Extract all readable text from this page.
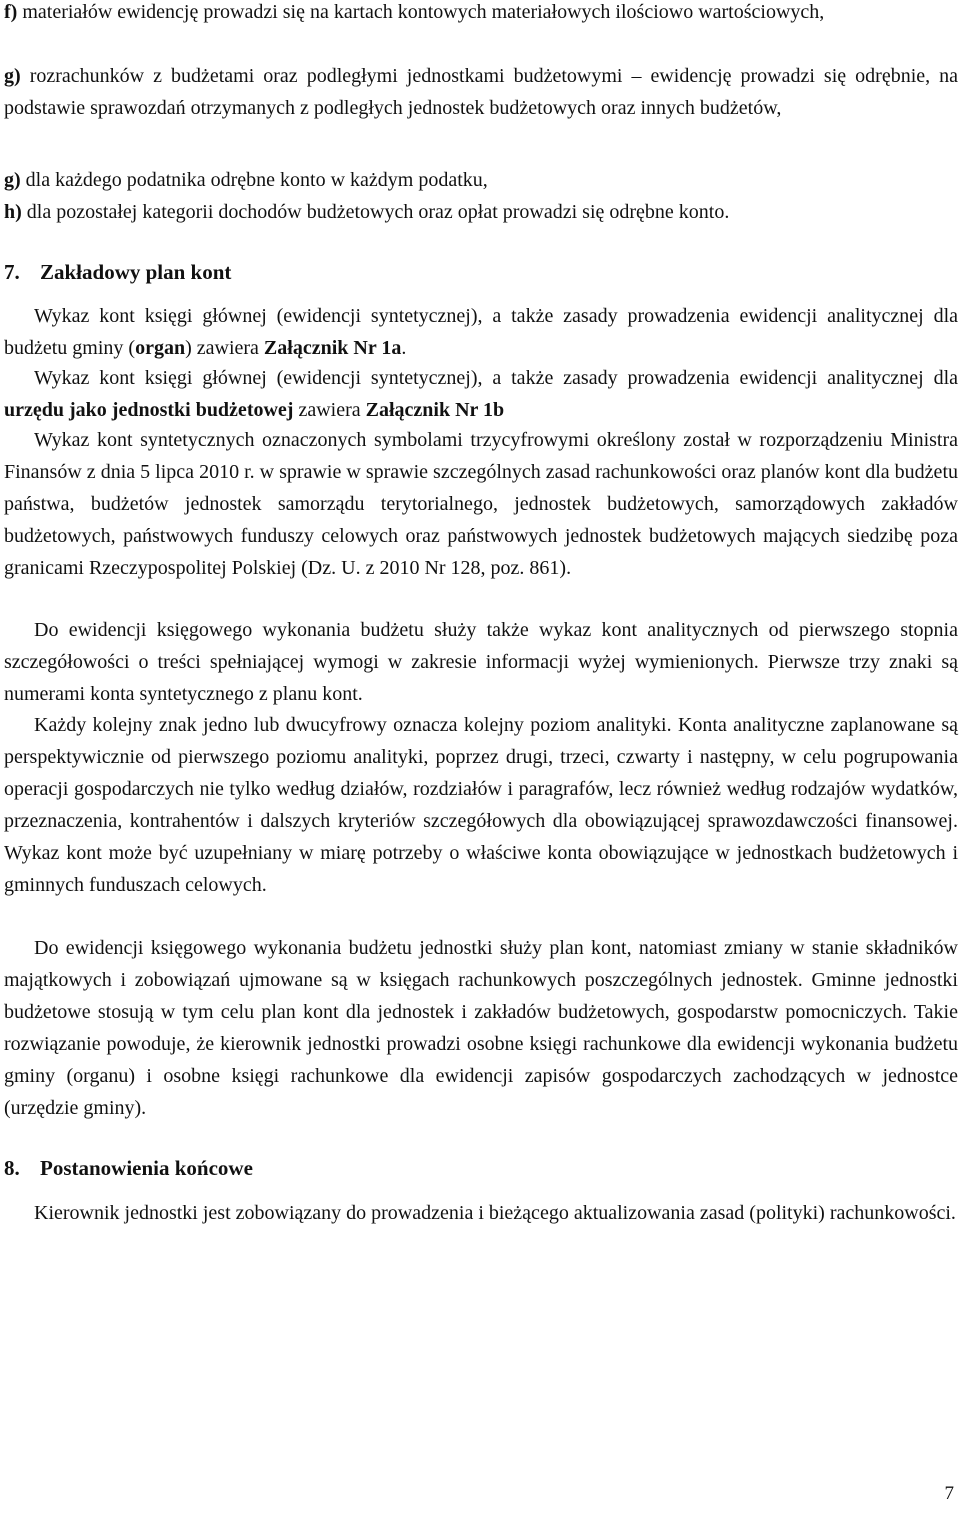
f) materiałów ewidencję prowadzi się na kartach kontowych materiałowych ilościowo wartościowych,

g) rozrachunków z budżetami oraz podległymi jednostkami budżetowymi – ewidencję prowadzi się odrębnie, na podstawie sprawozdań otrzymanych z podległych jednostek budżetowych oraz innych budżetów,

g) dla każdego podatnika odrębne konto w każdym podatku,

h) dla pozostałej kategorii dochodów budżetowych oraz opłat prowadzi się odrębne konto.

7. Zakładowy plan kont

Wykaz kont księgi głównej (ewidencji syntetycznej), a także zasady prowadzenia ewidencji analitycznej dla budżetu gminy (organ) zawiera Załącznik Nr 1a.

Wykaz kont księgi głównej (ewidencji syntetycznej), a także zasady prowadzenia ewidencji analitycznej dla urzędu jako jednostki budżetowej zawiera Załącznik Nr 1b

Wykaz kont syntetycznych oznaczonych symbolami trzycyfrowymi określony został w rozporządzeniu Ministra Finansów z dnia 5 lipca 2010 r. w sprawie w sprawie szczególnych zasad rachunkowości oraz planów kont dla budżetu państwa, budżetów jednostek samorządu terytorialnego, jednostek budżetowych, samorządowych zakładów budżetowych, państwowych funduszy celowych oraz państwowych jednostek budżetowych mających siedzibę poza granicami Rzeczypospolitej Polskiej (Dz. U. z 2010 Nr 128, poz. 861).

Do ewidencji księgowego wykonania budżetu służy także wykaz kont analitycznych od pierwszego stopnia szczegółowości o treści spełniającej wymogi w zakresie informacji wyżej wymienionych. Pierwsze trzy znaki są numerami konta syntetycznego z planu kont.

Każdy kolejny znak jedno lub dwucyfrowy oznacza kolejny poziom analityki. Konta analityczne zaplanowane są perspektywicznie od pierwszego poziomu analityki, poprzez drugi, trzeci, czwarty i następny, w celu pogrupowania operacji gospodarczych nie tylko według działów, rozdziałów i paragrafów, lecz również według rodzajów wydatków, przeznaczenia, kontrahentów i dalszych kryteriów szczegółowych dla obowiązującej sprawozdawczości finansowej. Wykaz kont może być uzupełniany w miarę potrzeby o właściwe konta obowiązujące w jednostkach budżetowych i gminnych funduszach celowych.

Do ewidencji księgowego wykonania budżetu jednostki służy plan kont, natomiast zmiany w stanie składników majątkowych i zobowiązań ujmowane są w księgach rachunkowych poszczególnych jednostek. Gminne jednostki budżetowe stosują w tym celu plan kont dla jednostek i zakładów budżetowych, gospodarstw pomocniczych. Takie rozwiązanie powoduje, że kierownik jednostki prowadzi osobne księgi rachunkowe dla ewidencji wykonania budżetu gminy (organu) i osobne księgi rachunkowe dla ewidencji zapisów gospodarczych zachodzących w jednostce (urzędzie gminy).

8. Postanowienia końcowe

Kierownik jednostki jest zobowiązany do prowadzenia i bieżącego aktualizowania zasad (polityki) rachunkowości.

7
